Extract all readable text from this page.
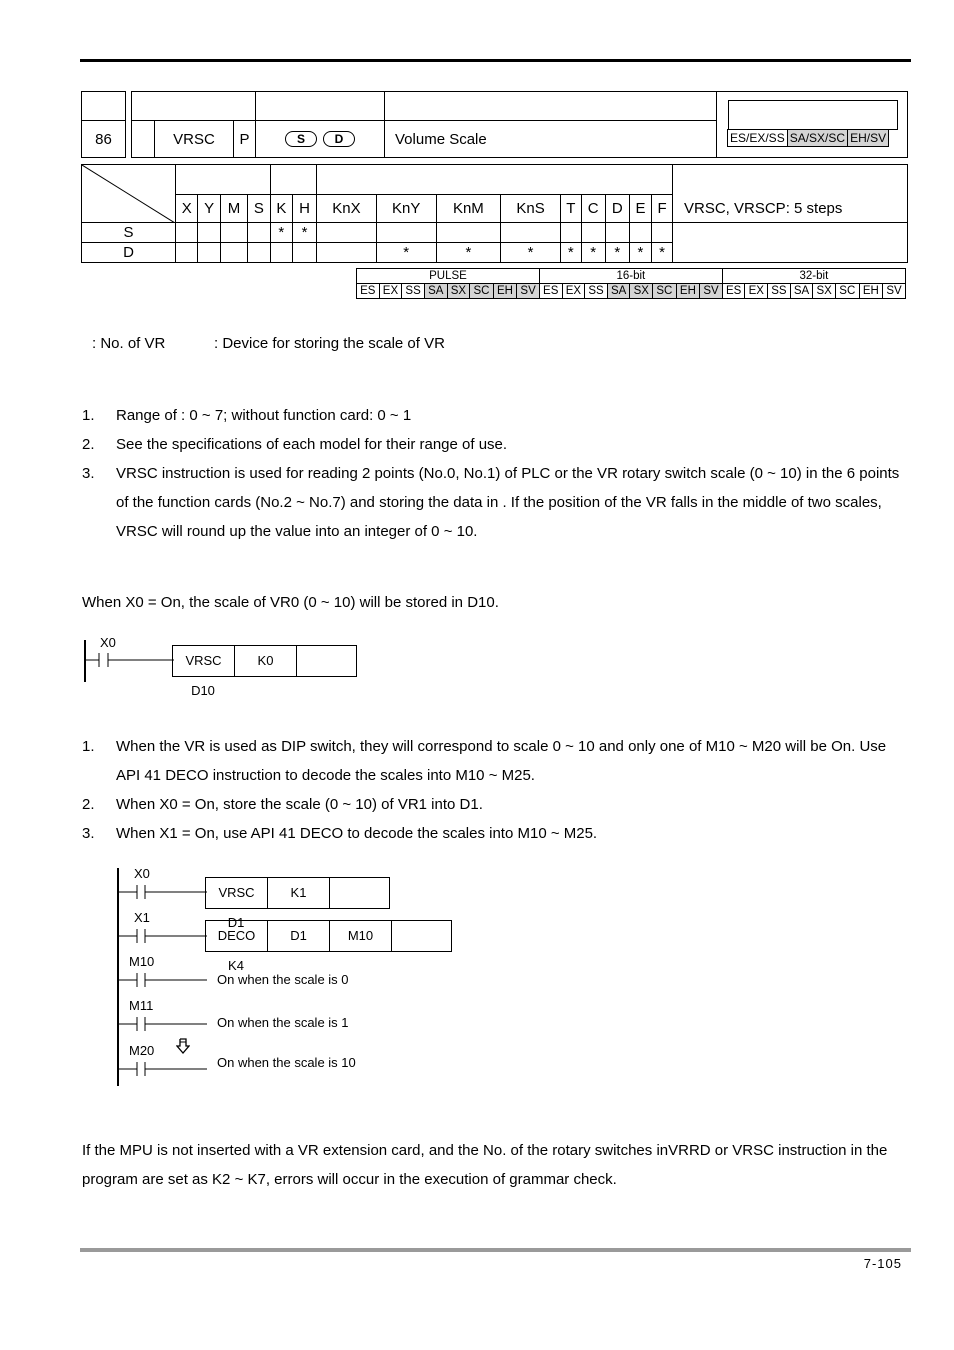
86	VRSC	P	S	D	Volume Scale	ES/EX/SS SA/SX/SC EH/SV

	X	Y	M	S	K	H	KnX	KnY	KnM	KnS	T	C	D	E	F	
S					*	*										
D								*	*	*	*	*	*	*	*	
VRSC, VRSCP: 5 steps
PULSE								16-bit								32-bit							
ES	EX	SS	SA	SX	SC	EH	SV	ES	EX	SS	SA	SX	SC	EH	SV	ES	EX	SS	SA	SX	SC	EH	SV

: No. of VR	: Device for storing the scale of VR

1. Range of : 0 ~ 7; without function card: 0 ~ 1
2. See the specifications of each model for their range of use.
3. VRSC instruction is used for reading 2 points (No.0, No.1) of PLC or the VR rotary switch scale (0 ~ 10) in the 6 points of the function cards (No.2 ~ No.7) and storing the data in . If the position of the VR falls in the middle of two scales, VRSC will round up the value into an integer of 0 ~ 10.

When X0 = On, the scale of VR0 (0 ~ 10) will be stored in D10.

X0
VRSC	K0D10
1. When the VR is used as DIP switch, they will correspond to scale 0 ~ 10 and only one of M10 ~ M20 will be On. Use API 41 DECO instruction to decode the scales into M10 ~ M25.
2. When X0 = On, store the scale (0 ~ 10) of VR1 into D1.
3. When X1 = On, use API 41 DECO to decode the scales into M10 ~ M25.
X0
VRSC	K1D1
X1
DECO	D1	M10K4
M10
On when the scale is 0
M11
On when the scale is 1
M20
On when the scale is 10
If the MPU is not inserted with a VR extension card, and the No. of the rotary switches inVRRD or VRSC instruction in the program are set as K2 ~ K7, errors will occur in the execution of grammar check.
7-105
